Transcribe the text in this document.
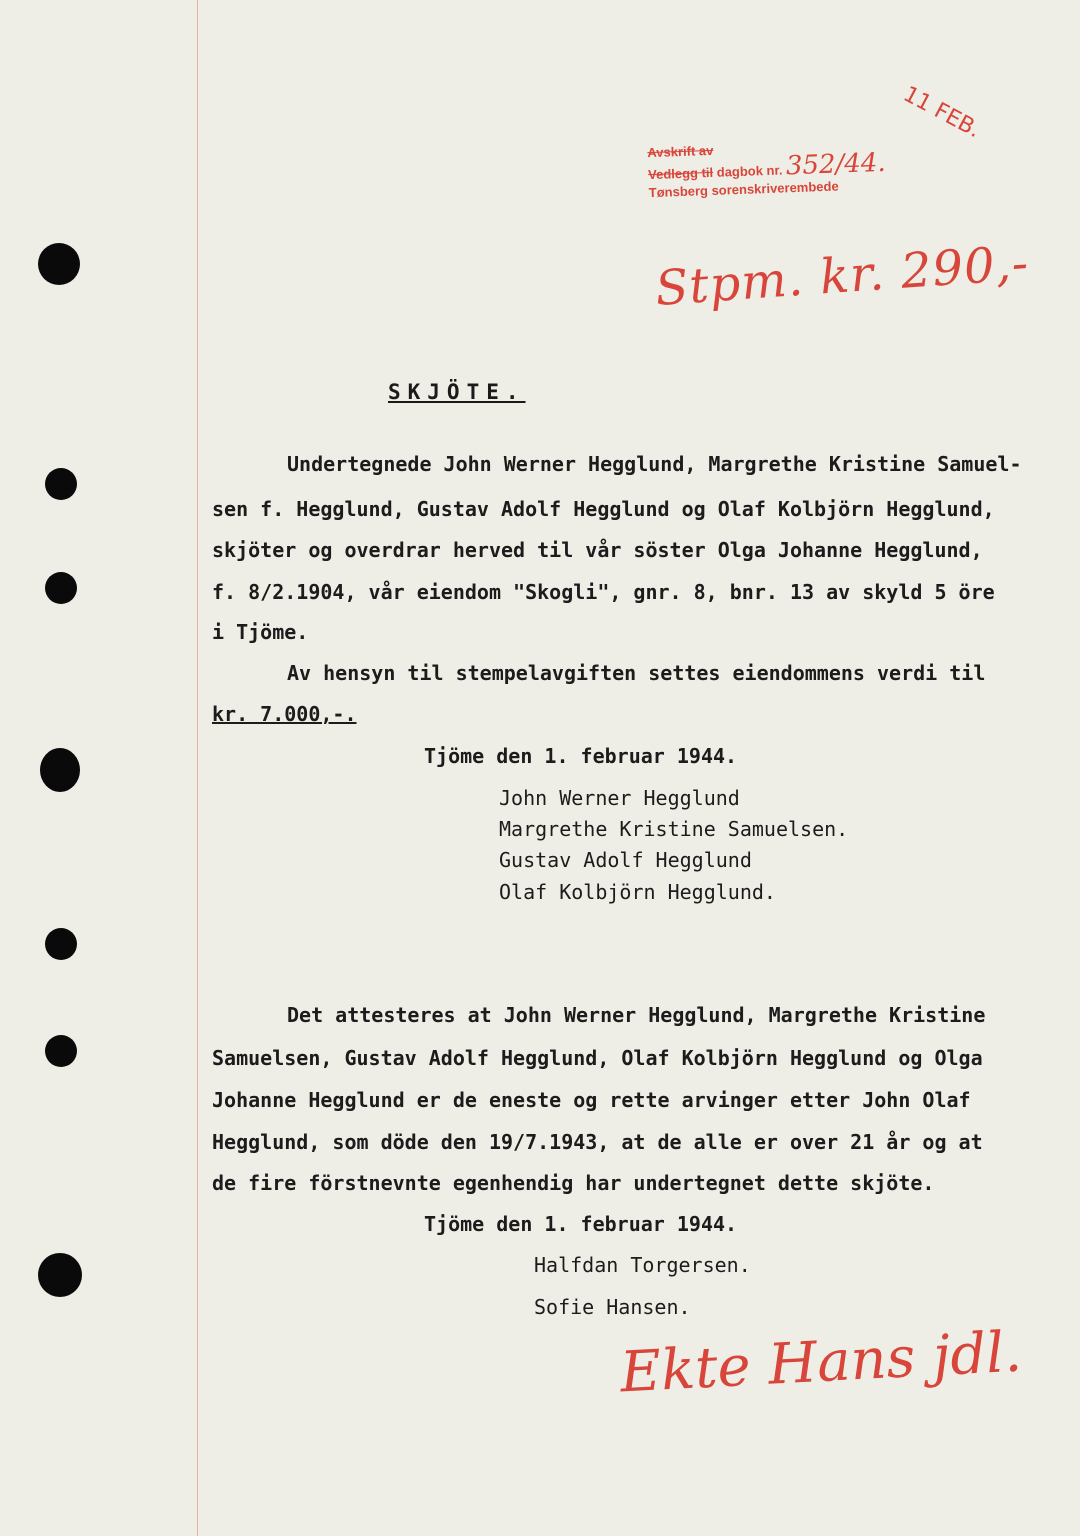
Avskrift av
Vedlegg til dagbok nr. 352/44.
Tønsberg sorenskriverembede
11 FEB.
Stpm. kr. 290,-
SKJÖTE.
Undertegnede John Werner Hegglund, Margrethe Kristine Samuel-
sen f. Hegglund, Gustav Adolf Hegglund og Olaf Kolbjörn Hegglund,
skjöter og overdrar herved til vår söster Olga Johanne Hegglund,
f. 8/2.1904, vår eiendom "Skogli", gnr. 8, bnr. 13 av skyld 5 öre
i Tjöme.
Av hensyn til stempelavgiften settes eiendommens verdi til
kr. 7.000,-.
Tjöme den 1. februar 1944.
John Werner Hegglund
Margrethe Kristine Samuelsen.
Gustav Adolf Hegglund
Olaf Kolbjörn Hegglund.
Det attesteres at John Werner Hegglund, Margrethe Kristine
Samuelsen, Gustav Adolf Hegglund, Olaf Kolbjörn Hegglund og Olga
Johanne Hegglund er de eneste og rette arvinger etter John Olaf
Hegglund, som döde den 19/7.1943, at de alle er over 21 år og at
de fire förstnevnte egenhendig har undertegnet dette skjöte.
Tjöme den 1. februar 1944.
Halfdan Torgersen.
Sofie Hansen.
Ekte Hans jdl.
